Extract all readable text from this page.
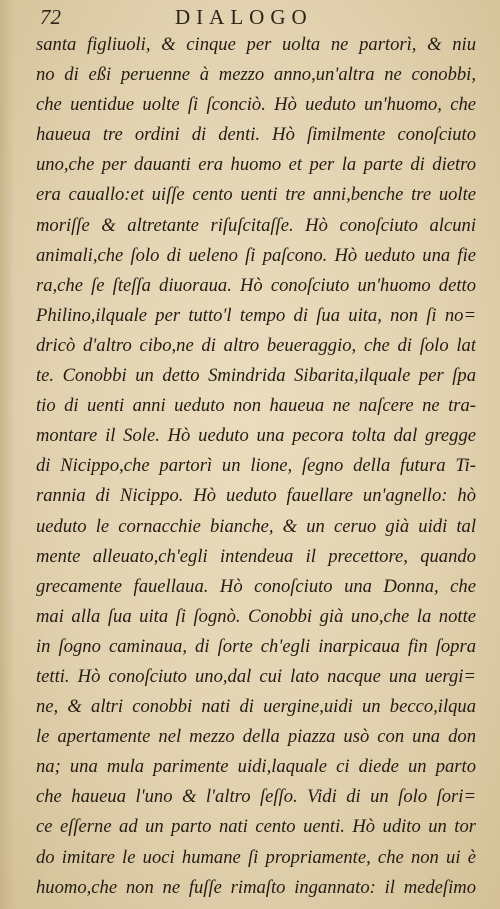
72	DIALOGO
santa figliuoli, & cinque per uolta ne partorì, & niu
no di eßi peruenne à mezzo anno,un'altra ne conobbi,
che uentidue uolte ſi ſconciò. Hò ueduto un'huomo, che
haueua tre ordini di denti. Hò ſimilmente conoſciuto
uno,che per dauanti era huomo et per la parte di dietro
era cauallo:et uiſſe cento uenti tre anni,benche tre uolte
moriſſe & altretante riſuſcitaſſe. Hò conoſciuto alcuni
animali,che ſolo di ueleno ſi paſcono. Hò ueduto una fie
ra,che ſe ſteſſa diuoraua. Hò conoſciuto un'huomo detto
Philino,ilquale per tutto'l tempo di ſua uita, non ſi no=
dricò d'altro cibo,ne di altro beueraggio, che di ſolo lat
te. Conobbi un detto Smindrida Sibarita,ilquale per ſpa
tio di uenti anni ueduto non haueua ne naſcere ne tra-
montare il Sole. Hò ueduto una pecora tolta dal gregge
di Nicippo,che partorì un lione, ſegno della futura Ti-
rannia di Nicippo. Hò ueduto fauellare un'agnello: hò
ueduto le cornacchie bianche, & un ceruo già uidi tal
mente alleuato,ch'egli intendeua il precettore, quando
grecamente fauellaua. Hò conoſciuto una Donna, che
mai alla ſua uita ſi ſognò. Conobbi già uno,che la notte
in ſogno caminaua, di ſorte ch'egli inarpicaua fin ſopra
tetti. Hò conoſciuto uno,dal cui lato nacque una uergi=
ne, & altri conobbi nati di uergine,uidi un becco,ilqua
le apertamente nel mezzo della piazza usò con una don
na; una mula parimente uidi,laquale ci diede un parto
che haueua l'uno & l'altro ſeſſo. Vidi di un ſolo ſori=
ce eſſerne ad un parto nati cento uenti. Hò udito un tor
do imitare le uoci humane ſi propriamente, che non ui è
huomo,che non ne fuſſe rimaſto ingannato: il medeſimo
